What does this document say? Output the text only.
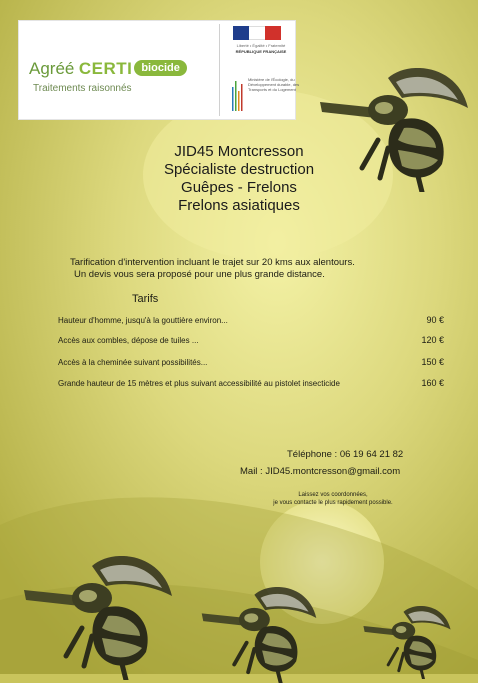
Agréé CERTI biocide
Traitements raisonnés
Liberté • Égalité • Fraternité
RÉPUBLIQUE FRANÇAISE
Ministère de l'Écologie, du Développement durable, des Transports et du Logement
JID45 Montcresson
Spécialiste destruction
Guêpes - Frelons
Frelons asiatiques
Tarification d'intervention incluant le trajet sur 20 kms aux alentours.
Un devis vous sera proposé pour une plus grande distance.
Tarifs
Hauteur d'homme, jusqu'à la gouttière environ...	90 €
Accès aux combles, dépose de tuiles ...	120 €
Accès à la cheminée suivant possibilités...	150 €
Grande hauteur de 15 mètres et plus suivant accessibilité au pistolet insecticide	160 €
Téléphone : 06 19 64 21 82
Mail : JID45.montcresson@gmail.com
Laissez vos coordonnées,
je vous contacte le plus rapidement possible.
